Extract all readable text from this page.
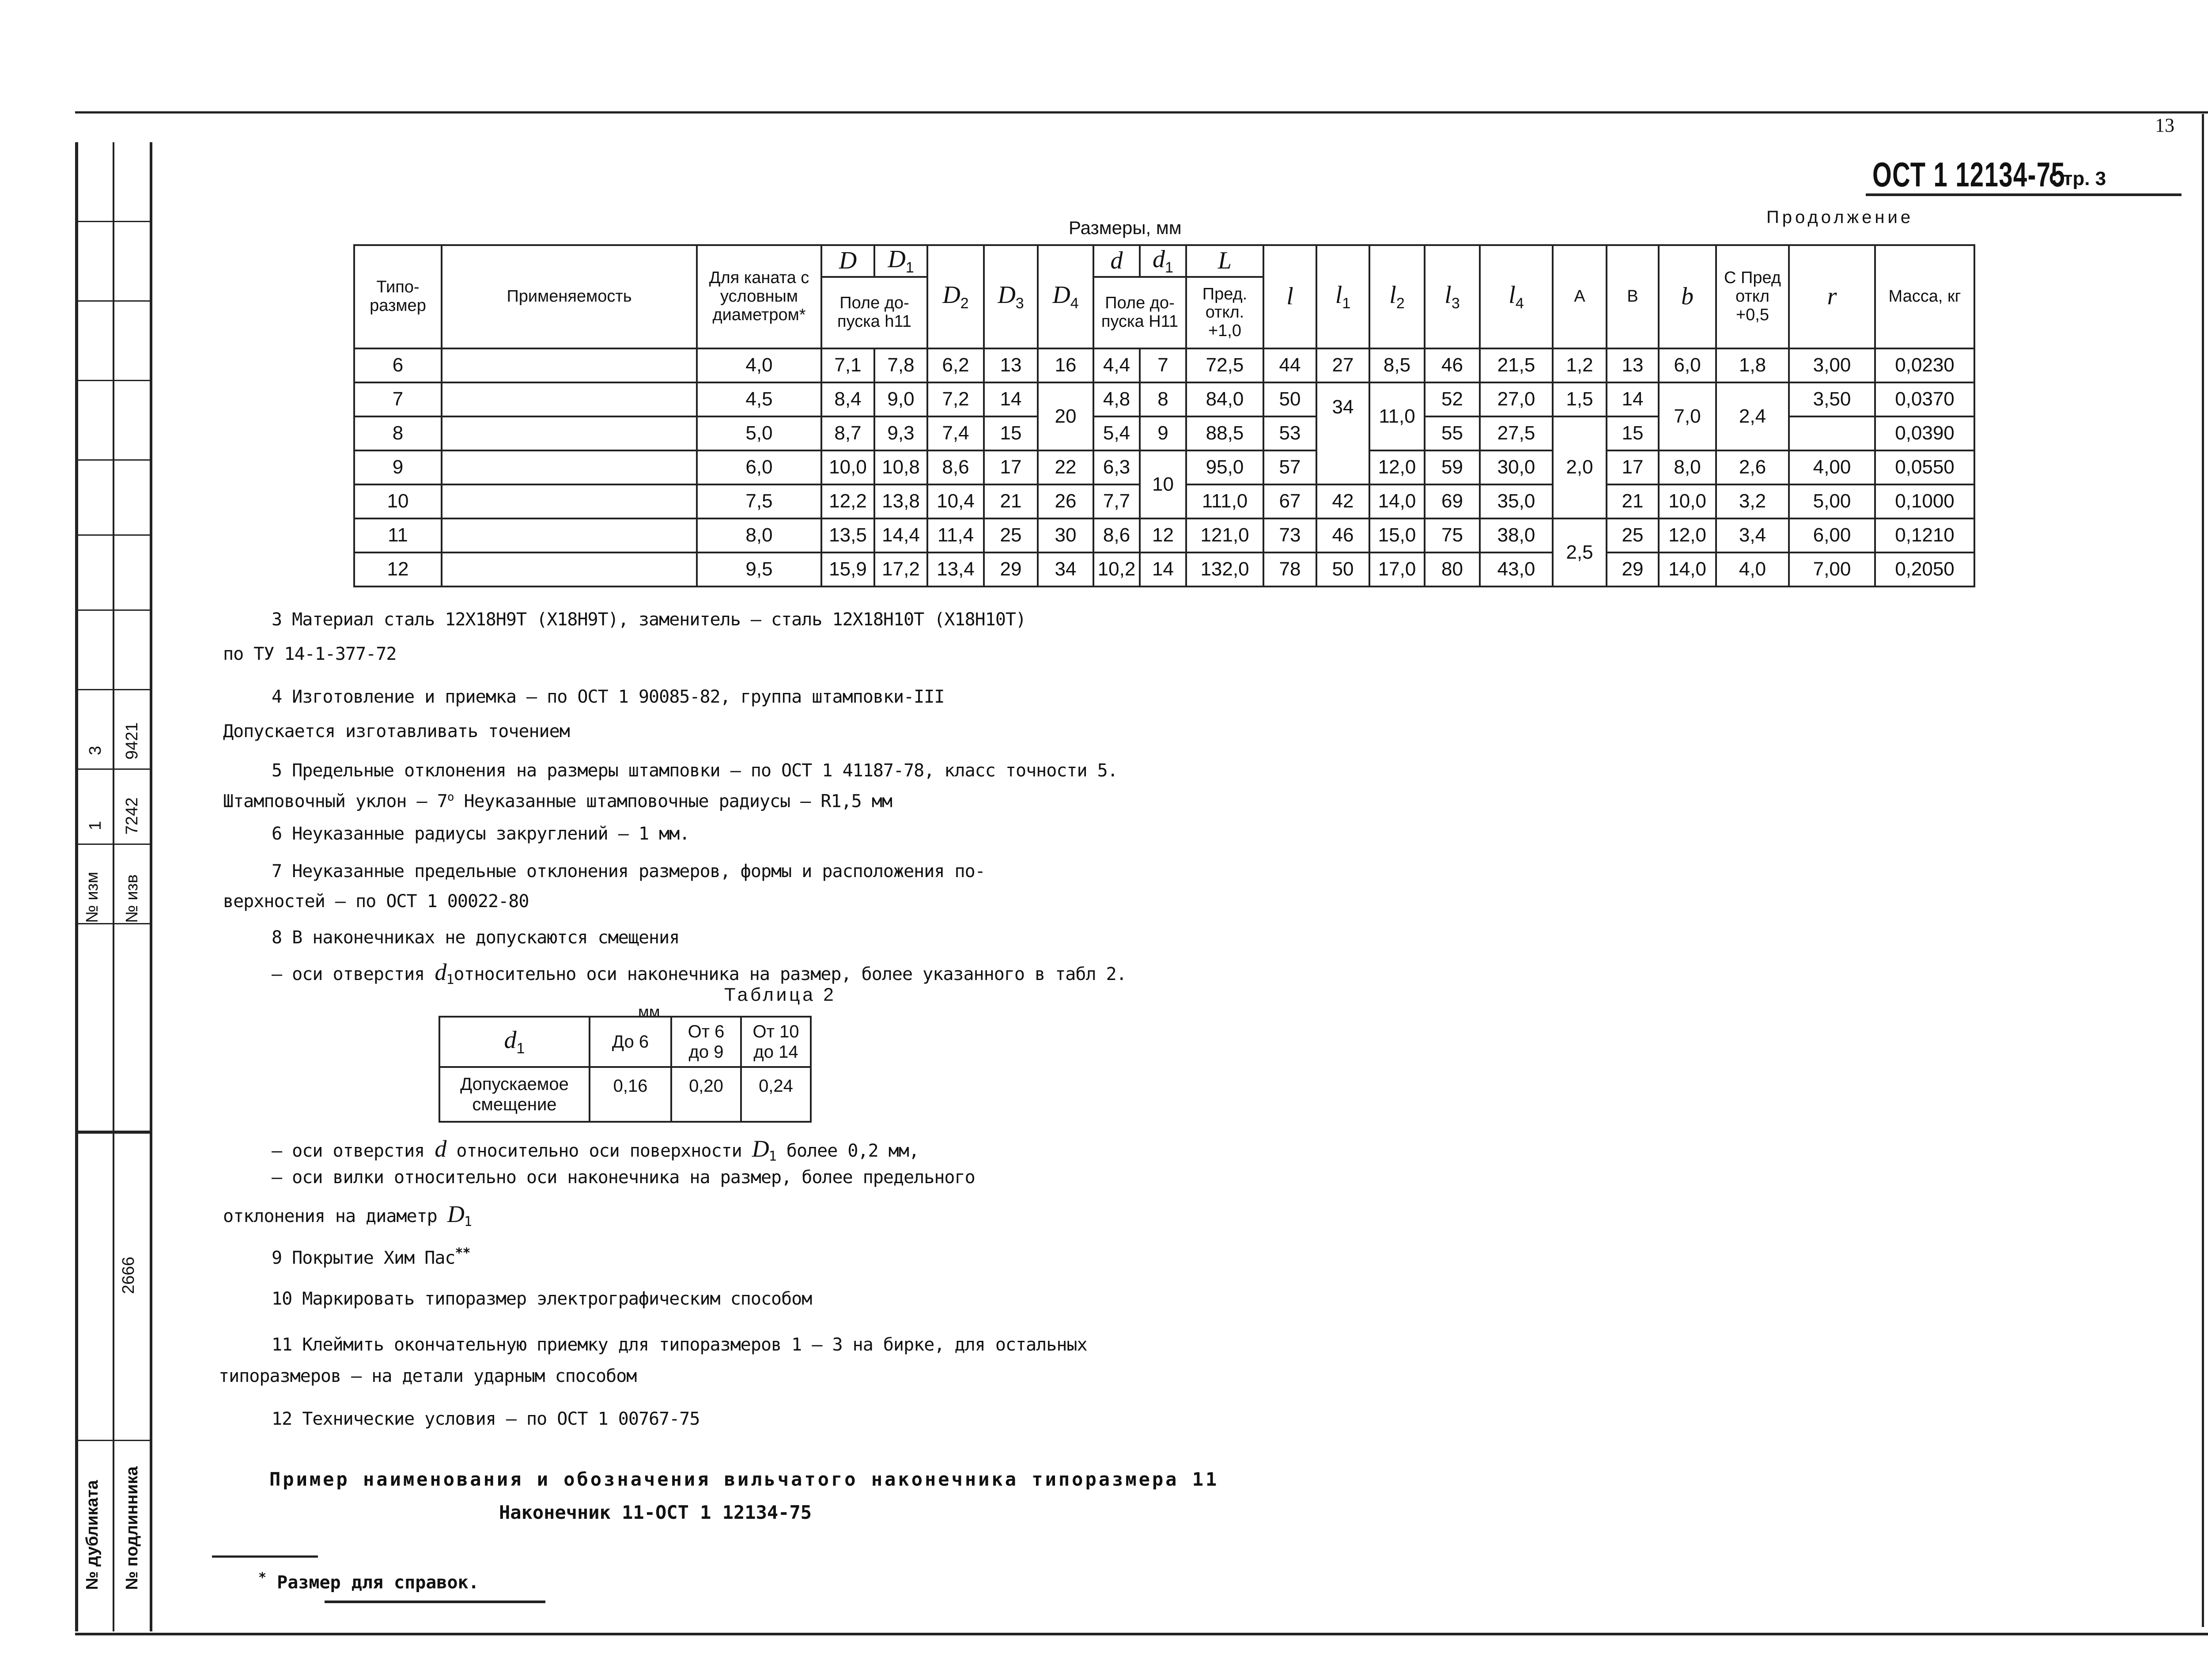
13
ОСТ 1 12134-75
Стр. 3
Размеры, мм	Продолжение
№ изм № изв
1 7242
3 9421
2666
№ дубликата № подлинника
Типо-размер	Применяемость	Для каната с условным диаметром*	D	D1	D2	D3	D4	d	d1	L	l	l1	l2	l3	l4	A	B	b	C Пред откл +0,5	r	Масса, кг
			Поле до-пуска h11					Поле до-пуска H11		Пред. откл. +1,0											
6		4,0	7,1	7,8	6,2	13	16	4,4	7	72,5	44	27	8,5	46	21,5	1,2	13	6,0	1,8	3,00	0,0230
7		4,5	8,4	9,0	7,2	14	20	4,8	8	84,0	50	34	11,0	52	27,0	1,5	14	7,0	2,4	3,50	0,0370
8		5,0	8,7	9,3	7,4	15		5,4	9	88,5	53			55	27,5	2,0	15				0,0390
9		6,0	10,0	10,8	8,6	17	22	6,3	10	95,0	57		12,0	59	30,0		17	8,0	2,6	4,00	0,0550
10		7,5	12,2	13,8	10,4	21	26	7,7		111,0	67	42	14,0	69	35,0		21	10,0	3,2	5,00	0,1000
11		8,0	13,5	14,4	11,4	25	30	8,6	12	121,0	73	46	15,0	75	38,0	2,5	25	12,0	3,4	6,00	0,1210
12		9,5	15,9	17,2	13,4	29	34	10,2	14	132,0	78	50	17,0	80	43,0		29	14,0	4,0	7,00	0,2050
3 Материал сталь 12Х18Н9Т (Х18Н9Т), заменитель – сталь 12Х18Н10Т (Х18Н10Т)
по ТУ 14-1-377-72
4 Изготовление и приемка – по ОСТ 1 90085-82, группа штамповки-III
Допускается изготавливать точением
5 Предельные отклонения на размеры штамповки – по ОСТ 1 41187-78, класс точности 5.
Штамповочный уклон – 7$^o$ Неуказанные штамповочные радиусы – R1,5 мм
6 Неуказанные радиусы закруглений – 1 мм.
7 Неуказанные предельные отклонения размеров, формы и расположения по-
верхностей – по ОСТ 1 00022-80
8 В наконечниках не допускаются смещения
– оси отверстия $d_1относительно$ оси наконечника на размер, более указанного в табл 2.
Таблица 2
мм
$d_1$	До 6	От 6 до 9	От 10 до 14
Допускаемое смещение	0,16	0,20	0,24
– оси отверстия d относительно оси поверхности $D_1$ более 0,2 мм,
– оси вилки относительно оси наконечника на размер, более предельного
отклонения на диаметр $D_1$
9 Покрытие Хим Пас**
10 Маркировать типоразмер электрографическим способом
11 Клеймить окончательную приемку для типоразмеров 1 – 3 на бирке, для остальных
типоразмеров – на детали ударным способом
12 Технические условия – по ОСТ 1 00767-75
Пример наименования и обозначения вильчатого наконечника типоразмера 11
Наконечник 11-ОСТ 1 12134-75
* Размер для справок.
